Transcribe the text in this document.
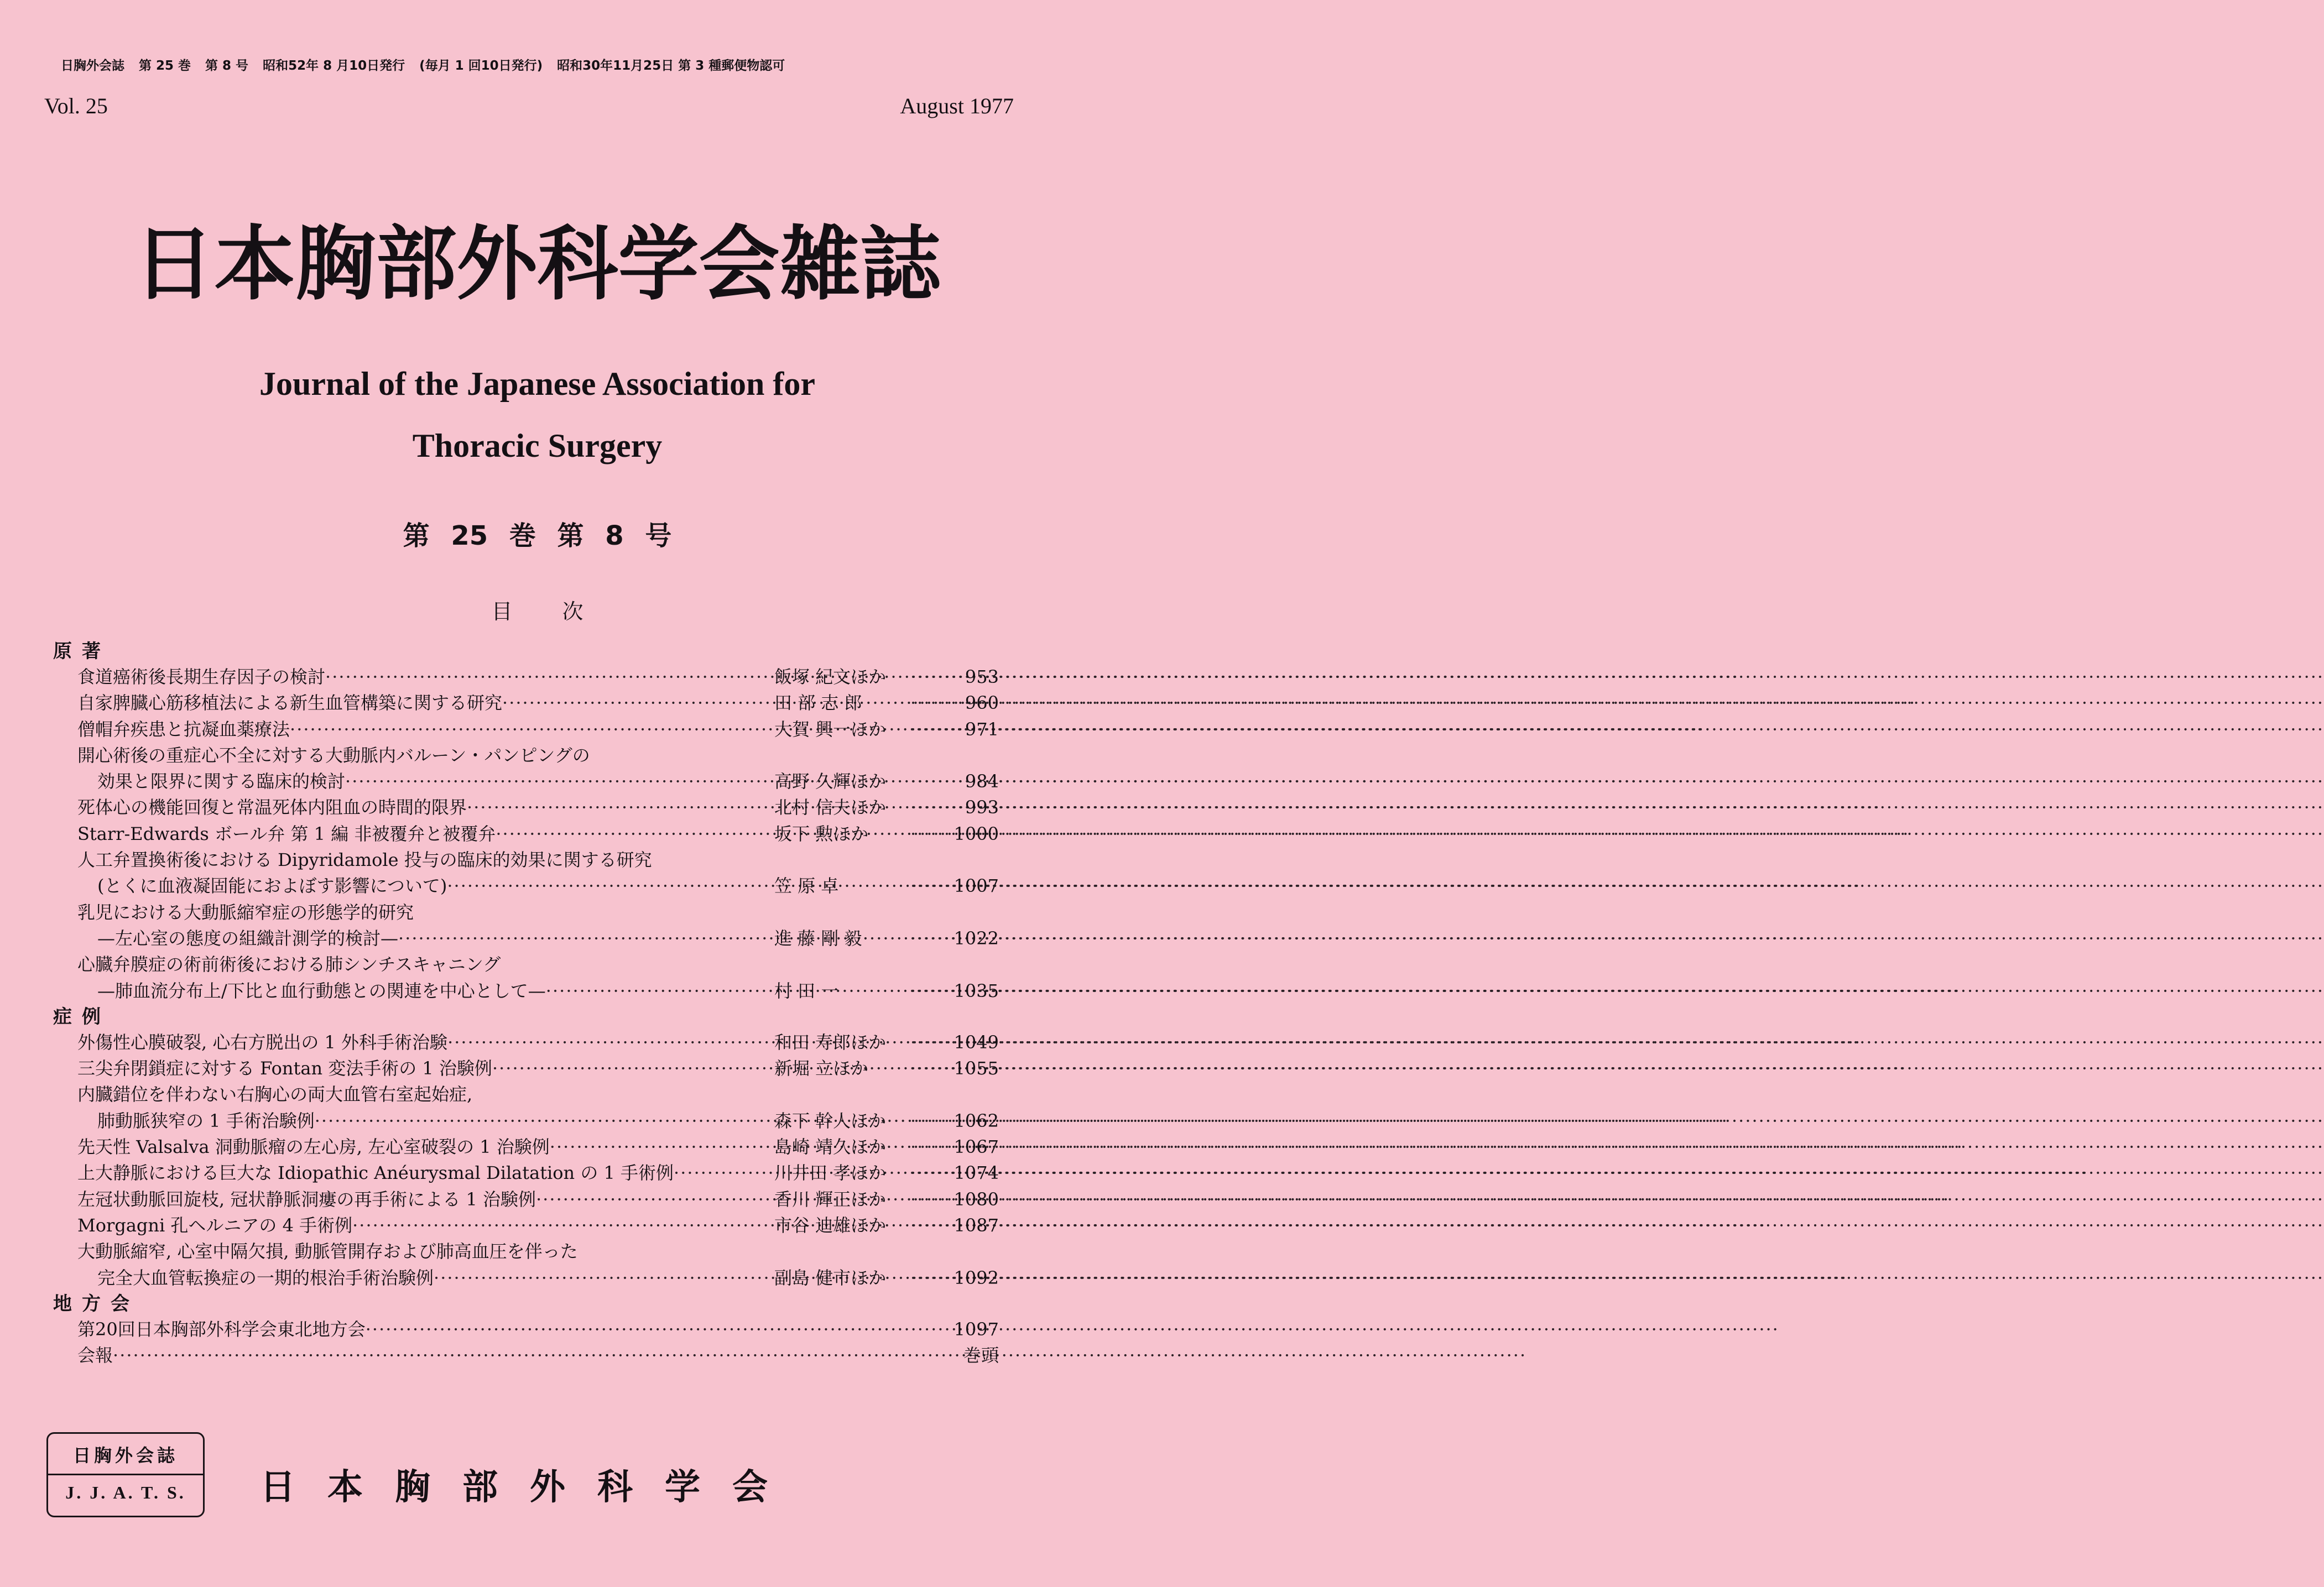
日胸外会誌 第 25 巻 第 8 号 昭和52年 8 月10日発行 (毎月 1 回10日発行) 昭和30年11月25日 第 3 種郵便物認可
Vol. 25	August 1977
日本胸部外科学会雑誌
Journal of the Japanese Association for
Thoracic Surgery
第 25 巻 第 8 号
目次
原著
食道癌術後長期生存因子の検討 ·····	飯塚 紀文ほか ·····	953
自家脾臓心筋移植法による新生血管構築に関する研究 ·····	田 部 志 郎 ·····	960
僧帽弁疾患と抗凝血薬療法 ·····	大賀 興一ほか ·····	971
開心術後の重症心不全に対する大動脈内バルーン・パンピングの
効果と限界に関する臨床的検討 ·····	高野 久輝ほか ·····	984
死体心の機能回復と常温死体内阻血の時間的限界 ·····	北村 信夫ほか ·····	993
Starr-Edwards ボール弁 第 1 編 非被覆弁と被覆弁 ·····	坂下 勲ほか ·····	1000
人工弁置換術後における Dipyridamole 投与の臨床的効果に関する研究
(とくに血液凝固能におよぼす影響について) ·····	笠 原 卓 ·····	1007
乳児における大動脈縮窄症の形態学的研究
—左心室の態度の組織計測学的検討— ·····	進 藤 剛 毅 ·····	1022
心臓弁膜症の術前術後における肺シンチスキャニング
—肺血流分布上/下比と血行動態との関連を中心として— ·····	村 田 一 ·····	1035
症例
外傷性心膜破裂, 心右方脱出の 1 外科手術治験 ·····	和田 寿郎ほか ·····	1049
三尖弁閉鎖症に対する Fontan 変法手術の 1 治験例 ·····	新堀 立ほか ·····	1055
内臓錯位を伴わない右胸心の両大血管右室起始症,
肺動脈狭窄の 1 手術治験例 ·····	森下 幹人ほか ·····	1062
先天性 Valsalva 洞動脈瘤の左心房, 左心室破裂の 1 治験例 ·····	島崎 靖久ほか ·····	1067
上大静脈における巨大な Idiopathic Anéurysmal Dilatation の 1 手術例 ·····	川井田 孝ほか ·····	1074
左冠状動脈回旋枝, 冠状静脈洞瘻の再手術による 1 治験例 ·····	香川 輝正ほか ·····	1080
Morgagni 孔ヘルニアの 4 手術例 ·····	市谷 迪雄ほか ·····	1087
大動脈縮窄, 心室中隔欠損, 動脈管開存および肺高血圧を伴った
完全大血管転換症の一期的根治手術治験例 ·····	副島 健市ほか ·····	1092
地方会
第20回日本胸部外科学会東北地方会 ·····	1097
会報 ·····	巻頭
日胸外会誌
J. J. A. T. S.	日本胸部外科学会
